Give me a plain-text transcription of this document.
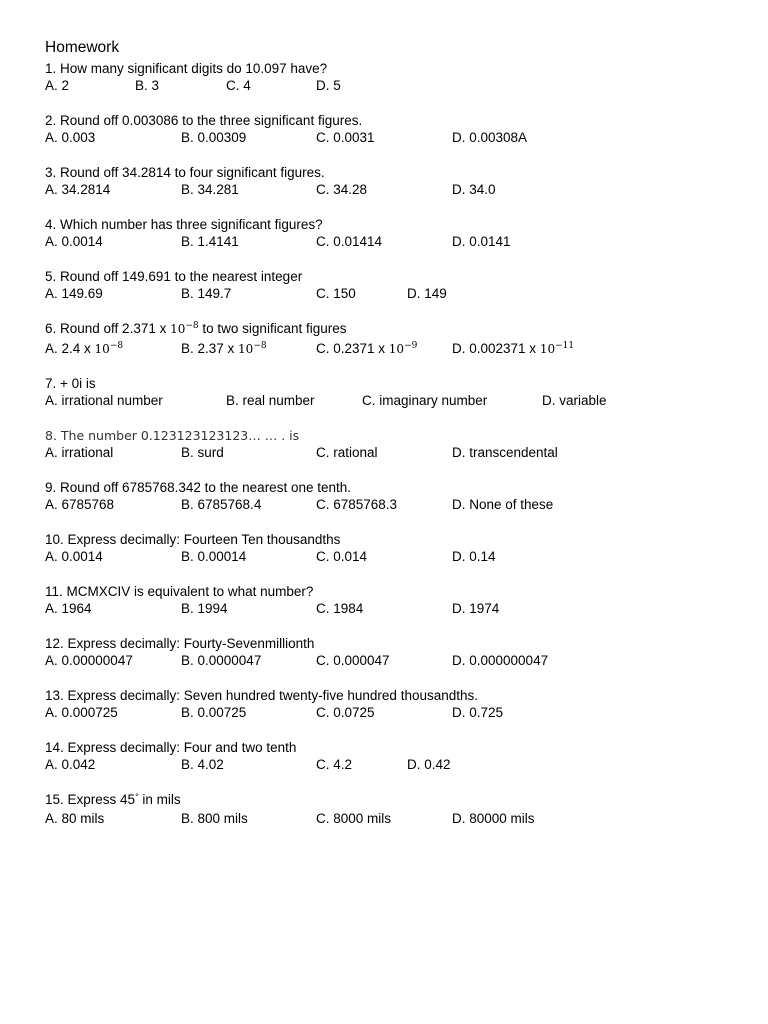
Homework
1. How many significant digits do 10.097 have?
A. 2	B. 3	C. 4	D. 5
2. Round off 0.003086 to the three significant figures.
A. 0.003	B. 0.00309	C. 0.0031	D. 0.00308A
3. Round off 34.2814 to four significant figures.
A. 34.2814	B. 34.281	C. 34.28	D. 34.0
4. Which number has three significant figures?
A. 0.0014	B. 1.4141	C. 0.01414	D. 0.0141
5. Round off 149.691 to the nearest integer
A. 149.69	B. 149.7	C. 150	D. 149
6. Round off 2.371 x $10^{-8}$ to two significant figures
A. 2.4 x $10^{-8}$	B. 2.37 x $10^{-8}$	C. 0.2371 x $10^{-9}$	D. 0.002371 x $10^{-11}$
7. + 0i is
A. irrational number	B. real number	C. imaginary number	D. variable
8. The number 0.123123123123… … . is
A. irrational	B. surd	C. rational	D. transcendental
9. Round off 6785768.342 to the nearest one tenth.
A. 6785768	B. 6785768.4	C. 6785768.3	D. None of these
10. Express decimally: Fourteen Ten thousandths
A. 0.0014	B. 0.00014	C. 0.014	D. 0.14
11. MCMXCIV is equivalent to what number?
A. 1964	B. 1994	C. 1984	D. 1974
12. Express decimally: Fourty-Sevenmillionth
A. 0.00000047	B. 0.0000047	C. 0.000047	D. 0.000000047
13. Express decimally: Seven hundred twenty-five hundred thousandths.
A. 0.000725	B. 0.00725	C. 0.0725	D. 0.725
14. Express decimally: Four and two tenth
A. 0.042	B. 4.02	C. 4.2	D. 0.42
15. Express 45° in mils
A. 80 mils	B. 800 mils	C. 8000 mils	D. 80000 mils
